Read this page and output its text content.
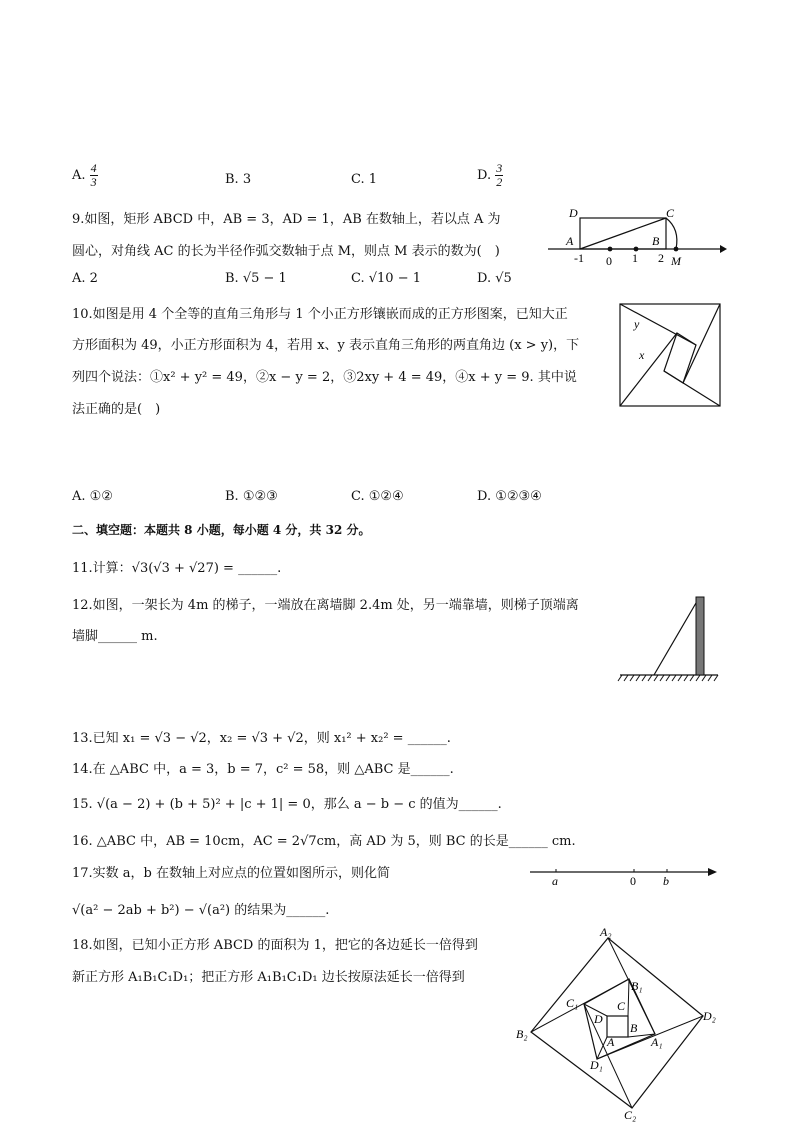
A. $\frac{4}{3}$	B. 3	C. 1	D. $\frac{3}{2}$
9.如图，矩形 ABCD 中，AB = 3，AD = 1，AB 在数轴上，若以点 A 为
圆心，对角线 AC 的长为半径作弧交数轴于点 M，则点 M 表示的数为(　)
A. 2	B. √5 − 1	C. √10 − 1	D. √5
D	C
A	B
-1 0 1 2 M
10.如图是用 4 个全等的直角三角形与 1 个小正方形镶嵌而成的正方形图案，已知大正
方形面积为 49，小正方形面积为 4，若用 x、y 表示直角三角形的两直角边 (x > y)，下
列四个说法：①x² + y² = 49，②x − y = 2，③2xy + 4 = 49，④x + y = 9. 其中说
法正确的是(　)
y
x
A. ①②	B. ①②③	C. ①②④	D. ①②③④
二、填空题：本题共 8 小题，每小题 4 分，共 32 分。
11.计算：√3(√3 + √27) = ______.
12.如图，一架长为 4m 的梯子，一端放在离墙脚 2.4m 处，另一端靠墙，则梯子顶端离
墙脚______ m.
13.已知 x₁ = √3 − √2，x₂ = √3 + √2，则 x₁² + x₂² = ______.
14.在 △ABC 中，a = 3，b = 7，c² = 58，则 △ABC 是______.
15. √(a − 2) + (b + 5)² + |c + 1| = 0，那么 a − b − c 的值为______.
16. △ABC 中，AB = 10cm，AC = 2√7cm，高 AD 为 5，则 BC 的长是______ cm.
17.实数 a，b 在数轴上对应点的位置如图所示，则化简
√(a² − 2ab + b²) − √(a²) 的结果为______.
a	0 b
18.如图，已知小正方形 ABCD 的面积为 1，把它的各边延长一倍得到
新正方形 A₁B₁C₁D₁；把正方形 A₁B₁C₁D₁ 边长按原法延长一倍得到
A₂
B₁
C₁	C
D
B
A	A₁
D₂
B₂
D₁
C₂
